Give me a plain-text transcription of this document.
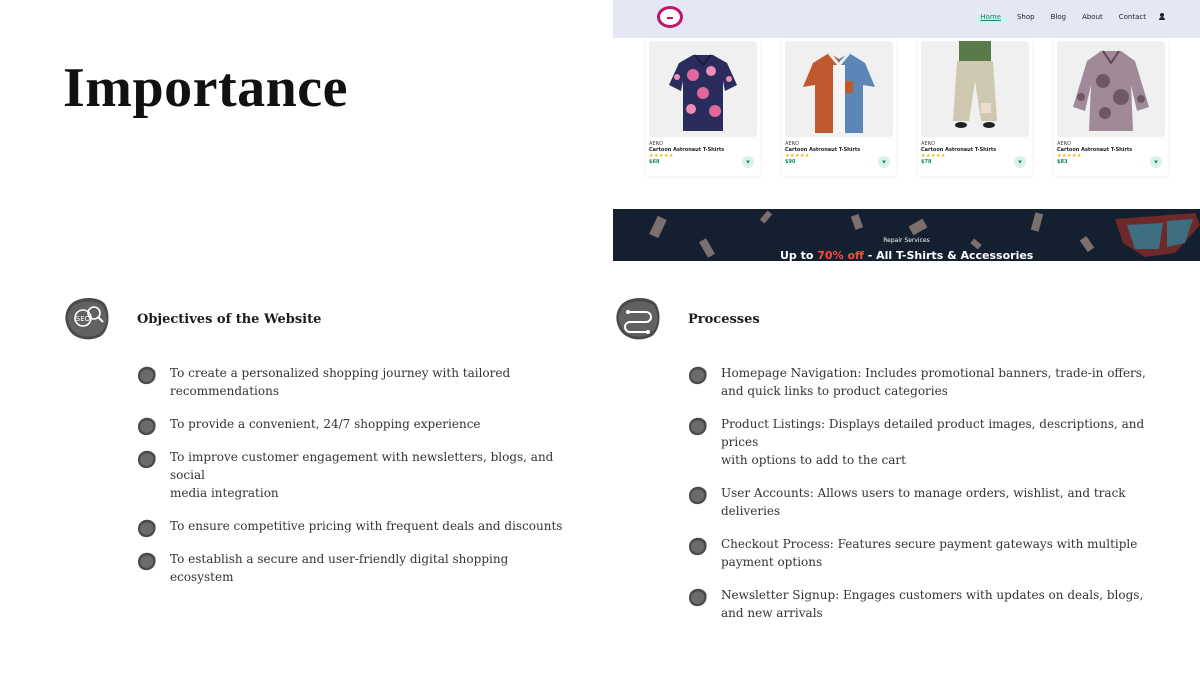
Importance
Home Shop Blog About Contact
AERO
Cartoon Astronaut T-Shirts
★★★★★
$68	▾
AERO
Cartoon Astronaut T-Shirts
★★★★★
$90	▾
AERO
Cartoon Astronaut T-Shirts
★★★★★
$78	▾
AERO
Cartoon Astronaut T-Shirts
★★★★★
$83	▾
Repair Services
Up to 70% off - All T-Shirts & Accessories
SEO	Objectives of the Website
To create a personalized shopping journey with tailored
recommendations
To provide a convenient, 24/7 shopping experience
To improve customer engagement with newsletters, blogs, and social
media integration
To ensure competitive pricing with frequent deals and discounts
To establish a secure and user-friendly digital shopping ecosystem
Processes
Homepage Navigation: Includes promotional banners, trade-in offers,
and quick links to product categories
Product Listings: Displays detailed product images, descriptions, and prices
with options to add to the cart
User Accounts: Allows users to manage orders, wishlist, and track deliveries
Checkout Process: Features secure payment gateways with multiple
payment options
Newsletter Signup: Engages customers with updates on deals, blogs,
and new arrivals
